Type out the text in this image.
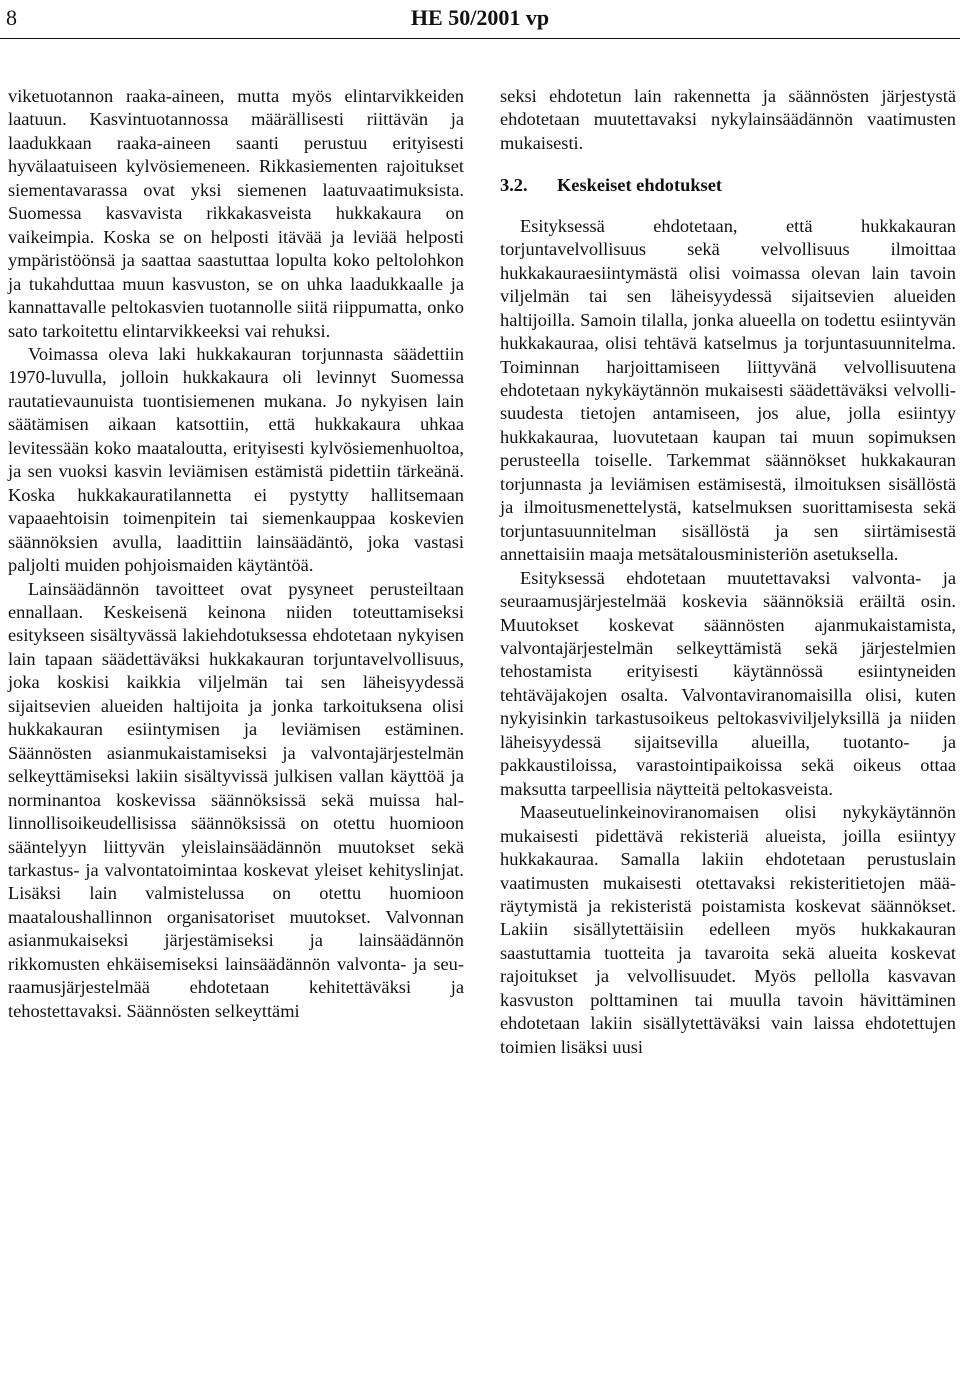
8	HE 50/2001 vp

viketuotannon raaka-aineen, mutta myös elintarvikkeiden laatuun. Kasvintuotannossa määrällisesti riittävän ja laadukkaan raaka-aineen saanti perustuu erityisesti hyvälaatuiseen kylvösiemeneen. Rikkasiementen rajoitukset siementavarassa ovat yksi siemenen laatuvaatimuksista. Suomessa kasvavista rikkakasveista hukkakaura on vaikeimpia. Koska se on helposti itävää ja leviää helposti ympäristöönsä ja saattaa saastuttaa lopulta koko peltolohkon ja tukahduttaa muun kasvuston, se on uhka laadukkaalle ja kannattavalle peltokasvien tuotannolle siitä riippumatta, onko sato tarkoitettu elintarvikkeeksi vai rehuksi.

Voimassa oleva laki hukkakauran torjunnasta säädettiin 1970-luvulla, jolloin hukkakaura oli levinnyt Suomessa rautatievaunuista tuontisiemenen mukana. Jo nykyisen lain säätämisen aikaan katsottiin, että hukkakaura uhkaa levitessään koko maataloutta, erityisesti kylvösiemenhuoltoa, ja sen vuoksi kasvin leviämisen estämistä pidettiin tärkeänä. Koska hukkakauratilannetta ei pystytty hallitsemaan vapaaehtoisin toimenpitein tai siemenkauppaa koskevien säännöksien avulla, laadittiin lainsäädäntö, joka vastasi paljolti muiden pohjoismaiden käytäntöä.

Lainsäädännön tavoitteet ovat pysyneet perusteiltaan ennallaan. Keskeisenä keinona niiden toteuttamiseksi esitykseen sisältyvässä lakiehdotuksessa ehdotetaan nykyisen lain tapaan säädettäväksi hukkakauran torjuntavelvollisuus, joka koskisi kaikkia viljelmän tai sen läheisyydessä sijaitsevien alueiden haltijoita ja jonka tarkoituksena olisi hukkakauran esiintymisen ja leviämisen estäminen. Säännösten asianmukaistamiseksi ja valvontajärjestelmän selkeyttämiseksi lakiin sisältyvissä julkisen vallan käyttöä ja norminantoa koskevissa säännöksissä sekä muissa hallinnollisoikeudellisissa säännöksissä on otettu huomioon sääntelyyn liittyvän yleislainsäädännön muutokset sekä tarkastus- ja valvontatoimintaa koskevat yleiset kehityslinjat. Lisäksi lain valmistelussa on otettu huomioon maataloushallinnon organisatoriset muutokset. Valvonnan asianmukaiseksi järjestämiseksi ja lainsäädännön rikkomusten ehkäisemiseksi lainsäädännön valvonta- ja seuraamusjärjestelmää ehdotetaan kehitettäväksi ja tehostettavaksi. Säännösten selkeyttämi

seksi ehdotetun lain rakennetta ja säännösten järjestystä ehdotetaan muutettavaksi nykylainsäädännön vaatimusten mukaisesti.

3.2. Keskeiset ehdotukset

Esityksessä ehdotetaan, että hukkakauran torjuntavelvollisuus sekä velvollisuus ilmoittaa hukkakauraesiintymästä olisi voimassa olevan lain tavoin viljelmän tai sen läheisyydessä sijaitsevien alueiden haltijoilla. Samoin tilalla, jonka alueella on todettu esiintyvän hukkakauraa, olisi tehtävä katselmus ja torjuntasuunnitelma. Toiminnan harjoittamiseen liittyvänä velvollisuutena ehdotetaan nykykäytännön mukaisesti säädettäväksi velvollisuudesta tietojen antamiseen, jos alue, jolla esiintyy hukkakauraa, luovutetaan kaupan tai muun sopimuksen perusteella toiselle. Tarkemmat säännökset hukkakauran torjunnasta ja leviämisen estämisestä, ilmoituksen sisällöstä ja ilmoitusmenettelystä, katselmuksen suorittamisesta sekä torjuntasuunnitelman sisällöstä ja sen siirtämisestä annettaisiin maaja metsätalousministeriön asetuksella.

Esityksessä ehdotetaan muutettavaksi valvonta- ja seuraamusjärjestelmää koskevia säännöksiä eräiltä osin. Muutokset koskevat säännösten ajanmukaistamista, valvontajärjestelmän selkeyttämistä sekä järjestelmien tehostamista erityisesti käytännössä esiintyneiden tehtäväjakojen osalta. Valvontaviranomaisilla olisi, kuten nykyisinkin tarkastusoikeus peltokasviviljelyksillä ja niiden läheisyydessä sijaitsevilla alueilla, tuotanto- ja pakkaustiloissa, varastointipaikoissa sekä oikeus ottaa maksutta tarpeellisia näytteitä peltokasveista.

Maaseutuelinkeinoviranomaisen olisi nykykäytännön mukaisesti pidettävä rekisteriä alueista, joilla esiintyy hukkakauraa. Samalla lakiin ehdotetaan perustuslain vaatimusten mukaisesti otettavaksi rekisteritietojen määräytymistä ja rekisteristä poistamista koskevat säännökset. Lakiin sisällytettäisiin edelleen myös hukkakauran saastuttamia tuotteita ja tavaroita sekä alueita koskevat rajoitukset ja velvollisuudet. Myös pellolla kasvavan kasvuston polttaminen tai muulla tavoin hävittäminen ehdotetaan lakiin sisällytettäväksi vain laissa ehdotettujen toimien lisäksi uusi
